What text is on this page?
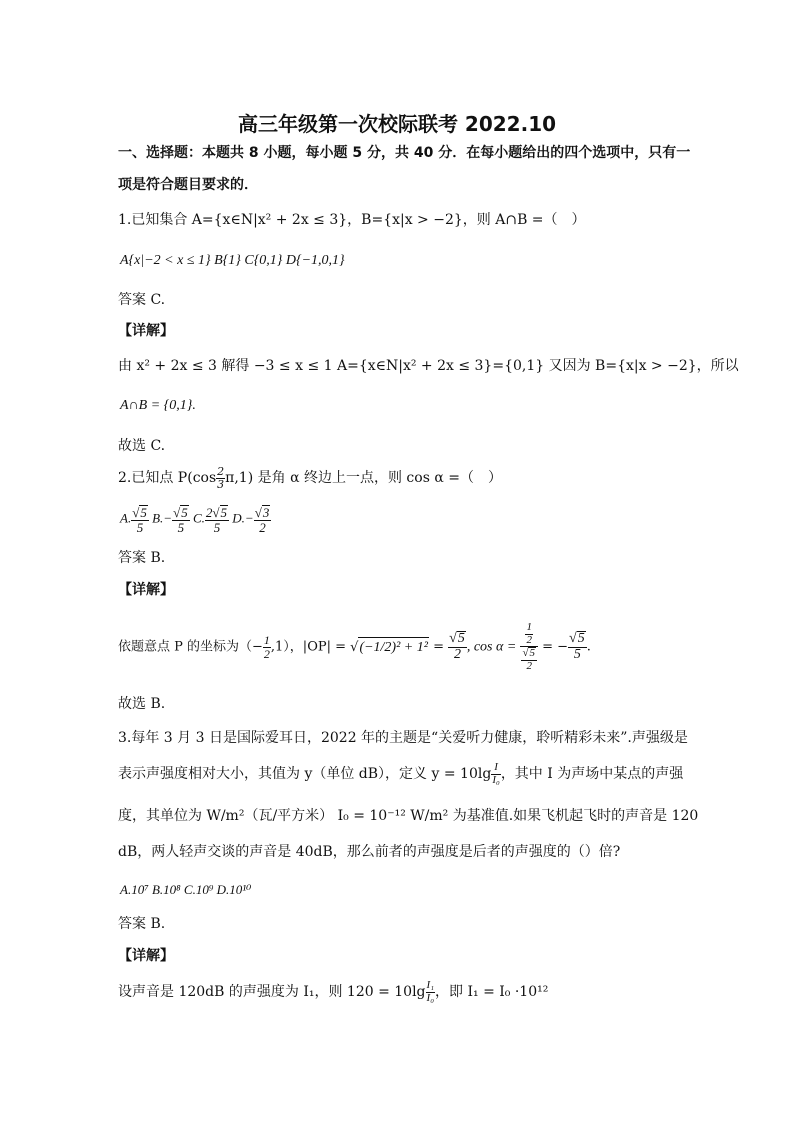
高三年级第一次校际联考 2022.10
一、选择题：本题共 8 小题，每小题 5 分，共 40 分．在每小题给出的四个选项中，只有一
项是符合题目要求的．
1.已知集合 A={x∈N|x² + 2x ≤ 3}，B={x|x > −2}，则 A∩B =（　）
A{x|−2 < x ≤ 1} B{1} C{0,1} D{−1,0,1}
答案 C.
【详解】
由 x² + 2x ≤ 3 解得 −3 ≤ x ≤ 1 A={x∈N|x² + 2x ≤ 3}={0,1} 又因为 B={x|x > −2}，所以
A∩B = {0,1}.
故选 C.
2.已知点 $P(\cos \frac{2}{3} \pi,1)$ 是角 α 终边上一点，则 cos α =（　）
A. √ $\frac{5}{5} B.-$ √ $\frac{5}{5} C$. $\frac{2 √ 5}{5} D.-$ √ $\frac{3}{2}$
答案 B.
【详解】
依题意点 P 的坐标为（− $\frac{1}{2} ,1$），|OP| = √ (−1/2)² + 1² = √ $\frac{5}{2}$ , $\cos \alpha = \frac{1}{2}$
√ $\frac{5}{2}$ = − √ $\frac{5}{5}$ .
故选 B.
3.每年 3 月 3 日是国际爱耳日，2022 年的主题是“关爱听力健康，聆听精彩未来”.声强级是
表示声强度相对大小，其值为 y（单位 dB），定义 $y = 10\lg \frac{I}{\text{I₀}}$ ，其中 I 为声场中某点的声强
度，其单位为 W/m²（瓦/平方米） I₀ = 10⁻¹² W/m² 为基准值.如果飞机起飞时的声音是 120
dB，两人轻声交谈的声音是 40dB，那么前者的声强度是后者的声强度的（）倍?
A.10⁷ B.10⁸ C.10⁹ D.10¹⁰
答案 B.
【详解】
设声音是 120dB 的声强度为 I₁，则 $120 = 10\lg \frac{\text{I₁}}{\text{I₀}}$ ，即 I₁ = I₀ ·10¹²
